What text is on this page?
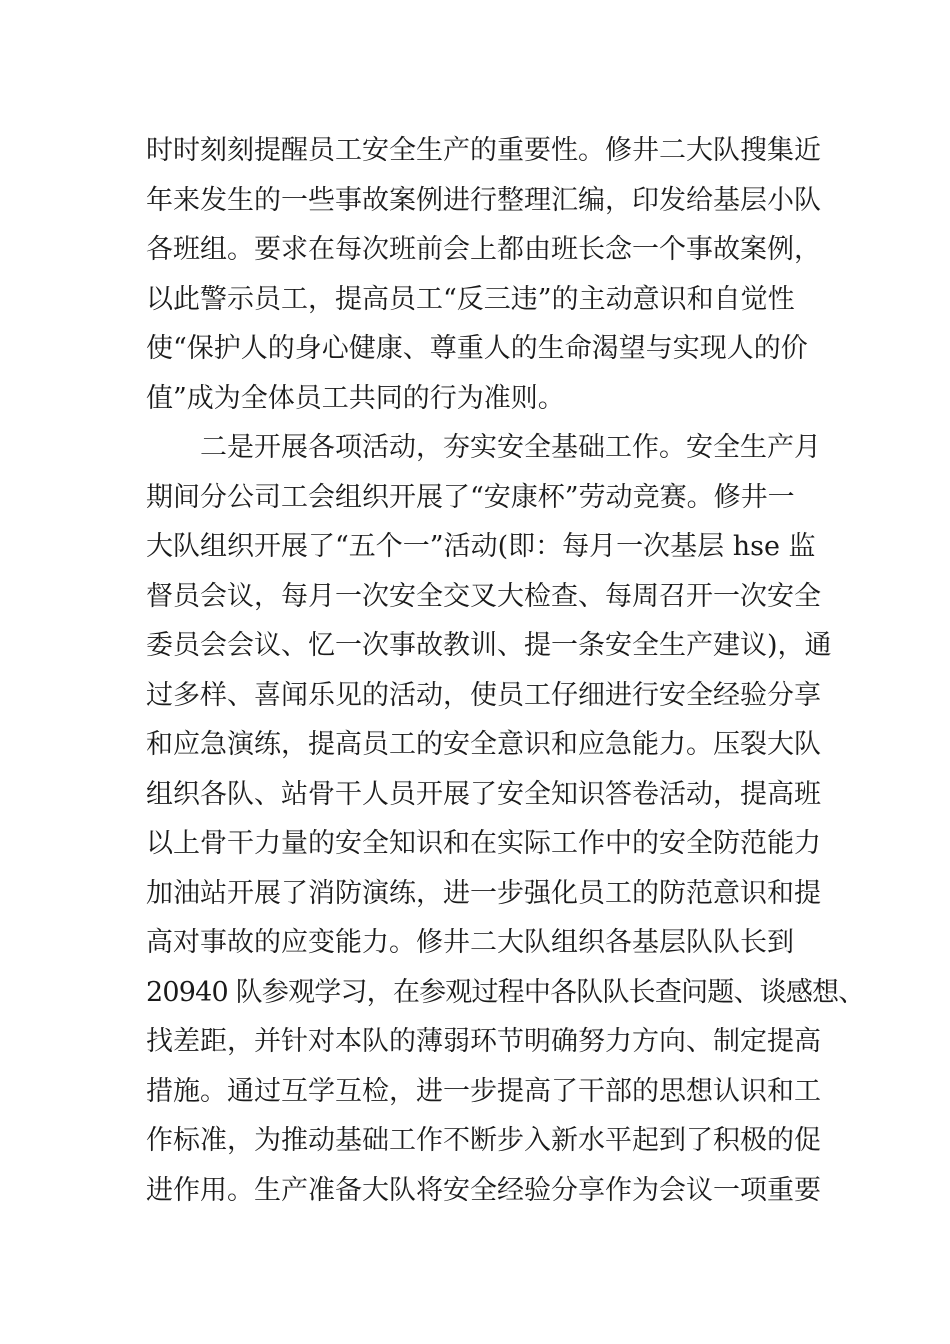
时时刻刻提醒员工安全生产的重要性。修井二大队搜集近
年来发生的一些事故案例进行整理汇编，印发给基层小队
各班组。要求在每次班前会上都由班长念一个事故案例，
以此警示员工，提高员工“反三违”的主动意识和自觉性
使“保护人的身心健康、尊重人的生命渴望与实现人的价
值”成为全体员工共同的行为准则。
二是开展各项活动，夯实安全基础工作。安全生产月
期间分公司工会组织开展了“安康杯”劳动竞赛。修井一
大队组织开展了“五个一”活动(即：每月一次基层 hse 监
督员会议，每月一次安全交叉大检查、每周召开一次安全
委员会会议、忆一次事故教训、提一条安全生产建议)，通
过多样、喜闻乐见的活动，使员工仔细进行安全经验分享
和应急演练，提高员工的安全意识和应急能力。压裂大队
组织各队、站骨干人员开展了安全知识答卷活动，提高班
以上骨干力量的安全知识和在实际工作中的安全防范能力
加油站开展了消防演练，进一步强化员工的防范意识和提
高对事故的应变能力。修井二大队组织各基层队队长到
20940 队参观学习，在参观过程中各队队长查问题、谈感想、
找差距，并针对本队的薄弱环节明确努力方向、制定提高
措施。通过互学互检，进一步提高了干部的思想认识和工
作标准，为推动基础工作不断步入新水平起到了积极的促
进作用。生产准备大队将安全经验分享作为会议一项重要
